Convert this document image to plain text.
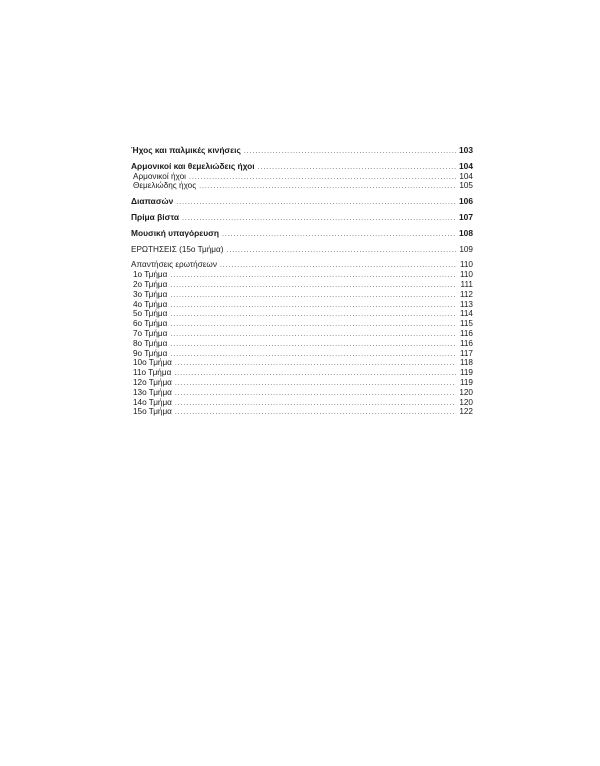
Ήχος και παλμικές κινήσεις . . .	103
Αρμονικοί και θεμελιώδεις ήχοι . . .	104
Αρμονικοί ήχοι . . .	104
Θεμελιώδης ήχος . . .	105
Διαπασών . . .	106
Πρίμα βίστα . . .	107
Μουσική υπαγόρευση . . .	108
ΕΡΩΤΗΣΕΙΣ (15ο Τμήμα) . . .	109
Απαντήσεις ερωτήσεων . . .	110
1ο Τμήμα . . .	110
2ο Τμήμα . . .	111
3ο Τμήμα . . .	112
4ο Τμήμα . . .	113
5ο Τμήμα . . .	114
6ο Τμήμα . . .	115
7ο Τμήμα . . .	116
8ο Τμήμα . . .	116
9ο Τμήμα . . .	117
10ο Τμήμα . . .	118
11ο Τμήμα . . .	119
12ο Τμήμα . . .	119
13ο Τμήμα . . .	120
14ο Τμήμα . . .	120
15ο Τμήμα . . .	122
